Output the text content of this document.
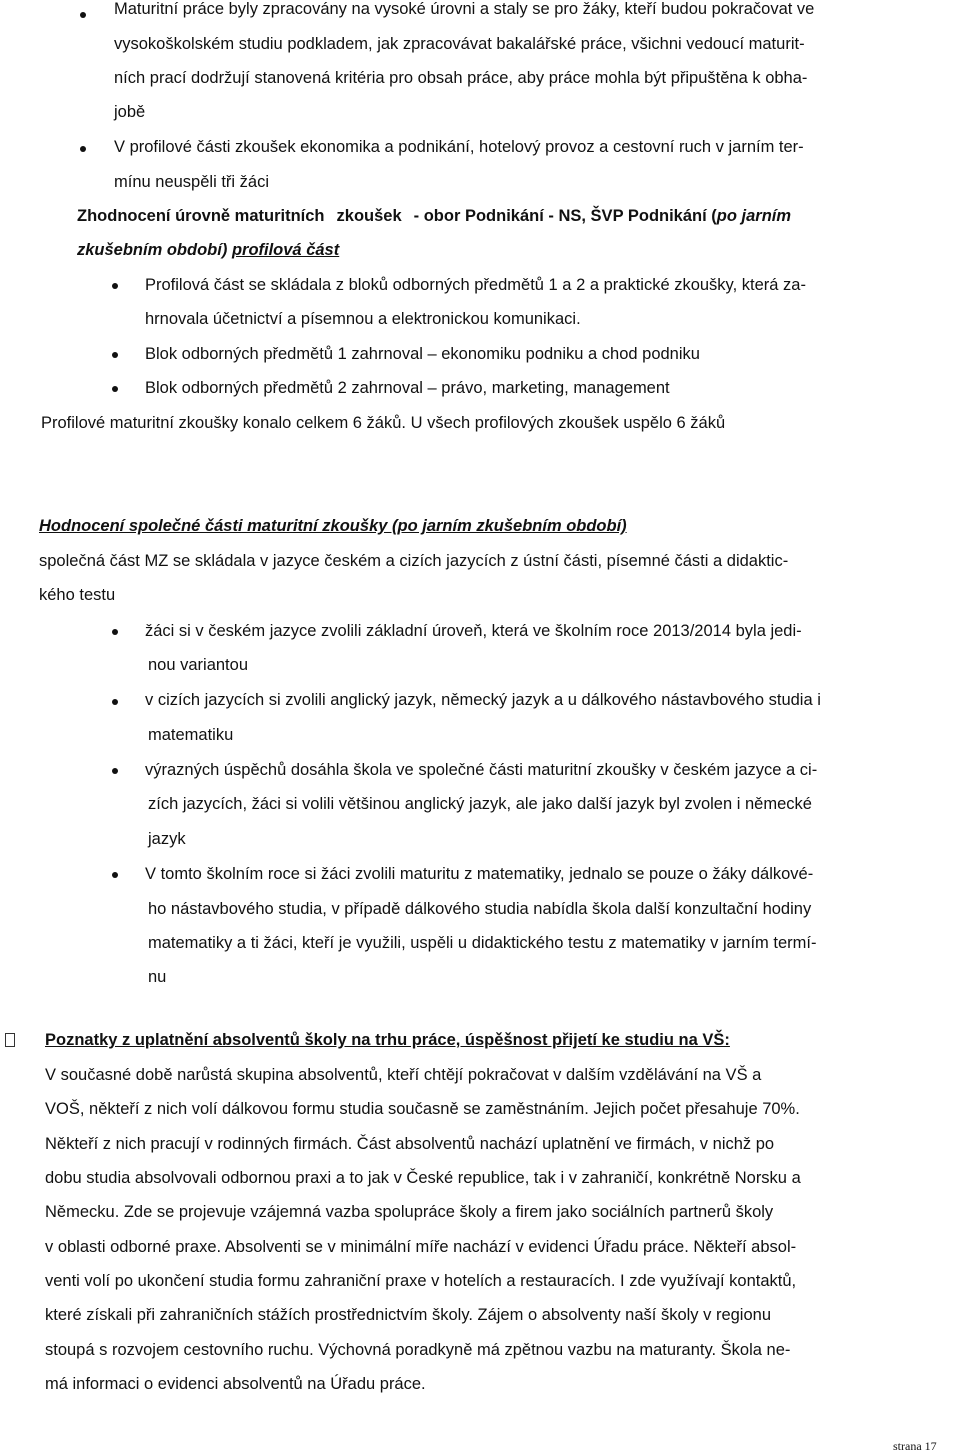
Maturitní práce byly zpracovány na vysoké úrovni a staly se pro žáky, kteří budou pokračovat ve
vysokoškolském studiu podkladem, jak zpracovávat bakalářské práce, všichni vedoucí maturit-
ních prací dodržují stanovená kritéria pro obsah práce, aby práce mohla být připuštěna k obha-
jobě
V profilové části zkoušek ekonomika a podnikání, hotelový provoz a cestovní ruch v jarním ter-
mínu neuspěli tři žáci
Zhodnocení úrovně maturitních zkoušek - obor Podnikání - NS, ŠVP Podnikání (po jarním
zkušebním období) profilová část
Profilová část se skládala z bloků odborných předmětů 1 a 2 a praktické zkoušky, která za-
hrnovala účetnictví a písemnou a elektronickou komunikaci.
Blok odborných předmětů 1 zahrnoval – ekonomiku podniku a chod podniku
Blok odborných předmětů 2 zahrnoval – právo, marketing, management
Profilové maturitní zkoušky konalo celkem 6 žáků. U všech profilových zkoušek uspělo 6 žáků
Hodnocení společné části maturitní zkoušky (po jarním zkušebním období)
společná část MZ se skládala v jazyce českém a cizích jazycích z ústní části, písemné části a didaktic-
kého testu
žáci si v českém jazyce zvolili základní úroveň, která ve školním roce 2013/2014 byla jedi-
nou variantou
v cizích jazycích si zvolili anglický jazyk, německý jazyk a u dálkového nástavbového studia i
matematiku
výrazných úspěchů dosáhla škola ve společné části maturitní zkoušky v českém jazyce a ci-
zích jazycích, žáci si volili většinou anglický jazyk, ale jako další jazyk byl zvolen i německé
jazyk
V tomto školním roce si žáci zvolili maturitu z matematiky, jednalo se pouze o žáky dálkové-
ho nástavbového studia, v případě dálkového studia nabídla škola další konzultační hodiny
matematiky a ti žáci, kteří je využili, uspěli u didaktického testu z matematiky v jarním termí-
nu
Poznatky z uplatnění absolventů školy na trhu práce, úspěšnost přijetí ke studiu na VŠ:
V současné době narůstá skupina absolventů, kteří chtějí pokračovat v dalším vzdělávání na VŠ a
VOŠ, někteří z nich volí dálkovou formu studia současně se zaměstnáním. Jejich počet přesahuje 70%.
Někteří z nich pracují v rodinných firmách. Část absolventů nachází uplatnění ve firmách, v nichž po
dobu studia absolvovali odbornou praxi a to jak v České republice, tak i v zahraničí, konkrétně Norsku a
Německu. Zde se projevuje vzájemná vazba spolupráce školy a firem jako sociálních partnerů školy
v oblasti odborné praxe. Absolventi se v minimální míře nachází v evidenci Úřadu práce. Někteří absol-
venti volí po ukončení studia formu zahraniční praxe v hotelích a restauracích. I zde využívají kontaktů,
které získali při zahraničních stážích prostřednictvím školy. Zájem o absolventy naší školy v regionu
stoupá s rozvojem cestovního ruchu. Výchovná poradkyně má zpětnou vazbu na maturanty. Škola ne-
má informaci o evidenci absolventů na Úřadu práce.
strana 17
